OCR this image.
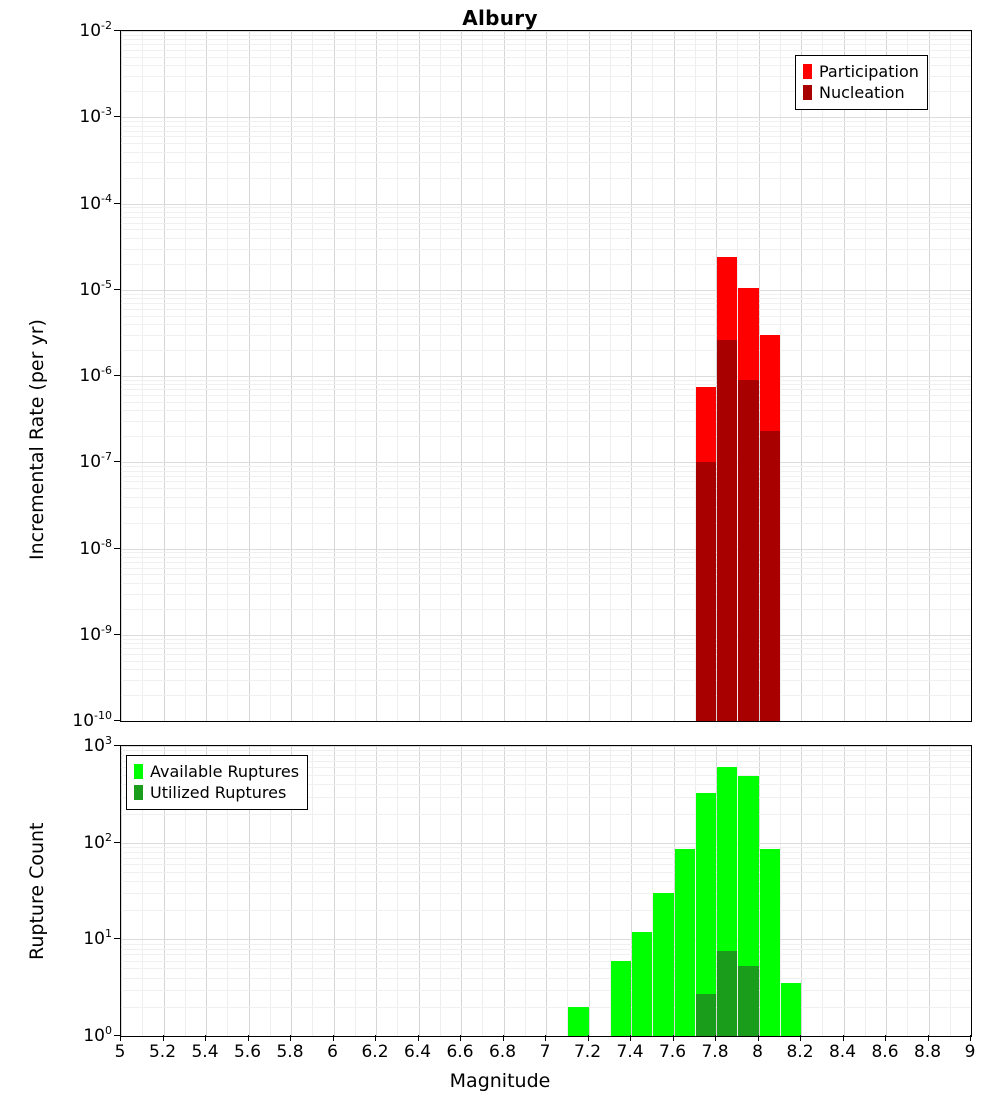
Albury
Incremental Rate (per yr)
$10^{-2}$
$10^{-3}$
$10^{-4}$
$10^{-5}$
$10^{-6}$
$10^{-7}$
$10^{-8}$
$10^{-9}$
$10^{-10}$
Participation
Nucleation
Rupture Count
$10^3$
$10^2$
$10^1$
$10^0$
Available Ruptures
Utilized Ruptures
5 5.2 5.4 5.6 5.8 6 6.2 6.4 6.6 6.8 7 7.2 7.4 7.6 7.8 8 8.2 8.4 8.6 8.8 9
Magnitude
